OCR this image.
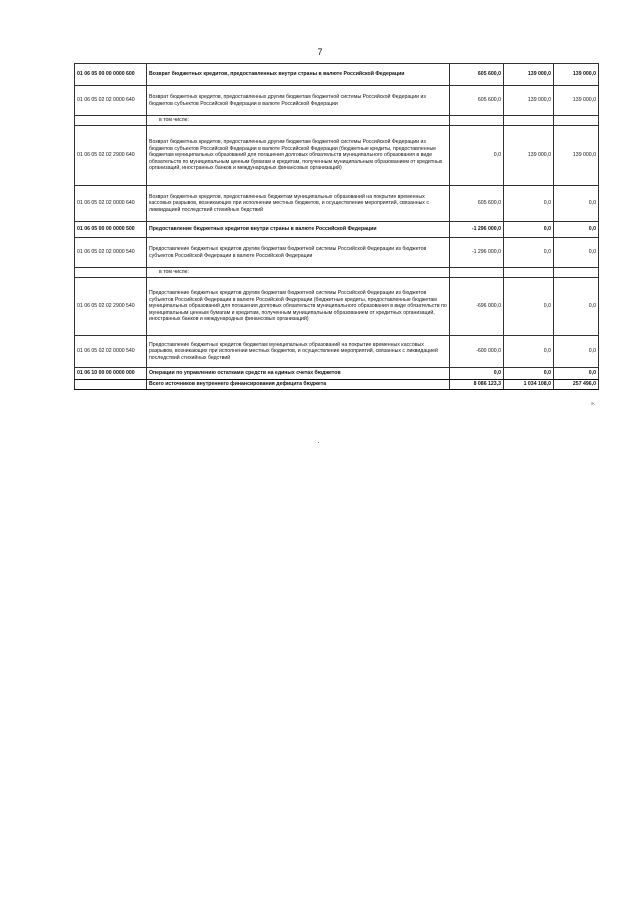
7
01 06 05 00 00 0000 600	Возврат бюджетных кредитов, предоставленных внутри страны в валюте Российской Федерации	605 600,0	139 000,0	139 000,0
01 06 05 02 02 0000 640	Возврат бюджетных кредитов, предоставленных другим бюджетам бюджетной системы Российской Федерации из бюджетов субъектов Российской Федерации в валюте Российской Федерации	605 600,0	139 000,0	139 000,0
	в том числе:			
01 06 05 02 02 2900 640	Возврат бюджетных кредитов, предоставленных другим бюджетам бюджетной системы Российской Федерации из бюджетов субъектов Российской Федерации в валюте Российской Федерации (бюджетные кредиты, предоставленные бюджетам муниципальных образований для погашения долговых обязательств муниципального образования в виде обязательств по муниципальным ценным бумагам и кредитам, полученным муниципальным образованием от кредитных организаций, иностранных банков и международных финансовых организаций)	0,0	139 000,0	139 000,0
01 06 05 02 02 0000 640	Возврат бюджетных кредитов, предоставленных бюджетам муниципальных образований на покрытие временных кассовых разрывов, возникающих при исполнении местных бюджетов, и осуществление мероприятий, связанных с ликвидацией последствий стихийных бедствий	605 600,0	0,0	0,0
01 06 05 00 00 0000 500	Предоставление бюджетных кредитов внутри страны в валюте Российской Федерации	-1 296 000,0	0,0	0,0
01 06 05 02 02 0000 540	Предоставление бюджетных кредитов другим бюджетам бюджетной системы Российской Федерации из бюджетов субъектов Российской Федерации в валюте Российской Федерации	-1 296 000,0	0,0	0,0
	в том числе:			
01 06 05 02 02 2900 540	Предоставление бюджетных кредитов другим бюджетам бюджетной системы Российской Федерации из бюджетов субъектов Российской Федерации в валюте Российской Федерации (бюджетные кредиты, предоставленные бюджетам муниципальных образований для погашения долговых обязательств муниципального образования в виде обязательств по муниципальным ценным бумагам и кредитам, полученным муниципальным образованием от кредитных организаций, иностранных банков и международных финансовых организаций)	-696 000,0	0,0	0,0
01 06 05 02 02 0000 540	Предоставление бюджетных кредитов бюджетам муниципальных образований на покрытие временных кассовых разрывов, возникающих при исполнении местных бюджетов, и осуществление мероприятий, связанных с ликвидацией последствий стихийных бедствий	-600 000,0	0,0	0,0
01 06 10 00 00 0000 000	Операции по управлению остатками средств на единых счетах бюджетов	0,0	0,0	0,0
	Всего источников внутреннего финансирования дефицита бюджета	8 086 123,3	1 034 108,0	257 496,0
».
